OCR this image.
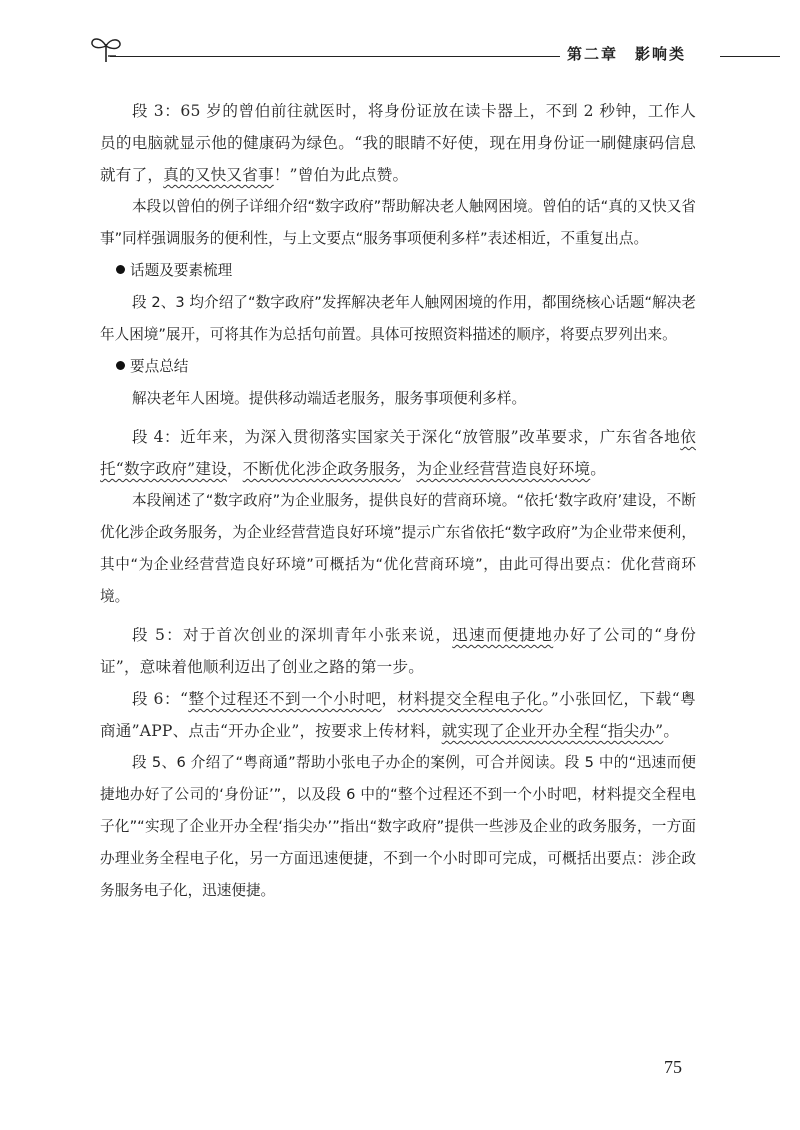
第二章　影响类

段 3：65 岁的曾伯前往就医时，将身份证放在读卡器上，不到 2 秒钟，工作人员的电脑就显示他的健康码为绿色。“我的眼睛不好使，现在用身份证一刷健康码信息就有了，真的又快又省事！”曾伯为此点赞。

本段以曾伯的例子详细介绍“数字政府”帮助解决老人触网困境。曾伯的话“真的又快又省事”同样强调服务的便利性，与上文要点“服务事项便利多样”表述相近，不重复出点。

话题及要素梳理

段 2、3 均介绍了“数字政府”发挥解决老年人触网困境的作用，都围绕核心话题“解决老年人困境”展开，可将其作为总括句前置。具体可按照资料描述的顺序，将要点罗列出来。

要点总结

解决老年人困境。提供移动端适老服务，服务事项便利多样。

段 4：近年来，为深入贯彻落实国家关于深化“放管服”改革要求，广东省各地依托“数字政府”建设，不断优化涉企政务服务，为企业经营营造良好环境。

本段阐述了“数字政府”为企业服务，提供良好的营商环境。“依托‘数字政府’建设，不断优化涉企政务服务，为企业经营营造良好环境”提示广东省依托“数字政府”为企业带来便利，其中“为企业经营营造良好环境”可概括为“优化营商环境”，由此可得出要点：优化营商环境。

段 5：对于首次创业的深圳青年小张来说，迅速而便捷地办好了公司的“身份证”，意味着他顺利迈出了创业之路的第一步。

段 6：“整个过程还不到一个小时吧，材料提交全程电子化。”小张回忆，下载“粤商通”APP、点击“开办企业”，按要求上传材料，就实现了企业开办全程“指尖办”。

段 5、6 介绍了“粤商通”帮助小张电子办企的案例，可合并阅读。段 5 中的“迅速而便捷地办好了公司的‘身份证’”，以及段 6 中的“整个过程还不到一个小时吧，材料提交全程电子化”“实现了企业开办全程‘指尖办’”指出“数字政府”提供一些涉及企业的政务服务，一方面办理业务全程电子化，另一方面迅速便捷，不到一个小时即可完成，可概括出要点：涉企政务服务电子化，迅速便捷。

75
